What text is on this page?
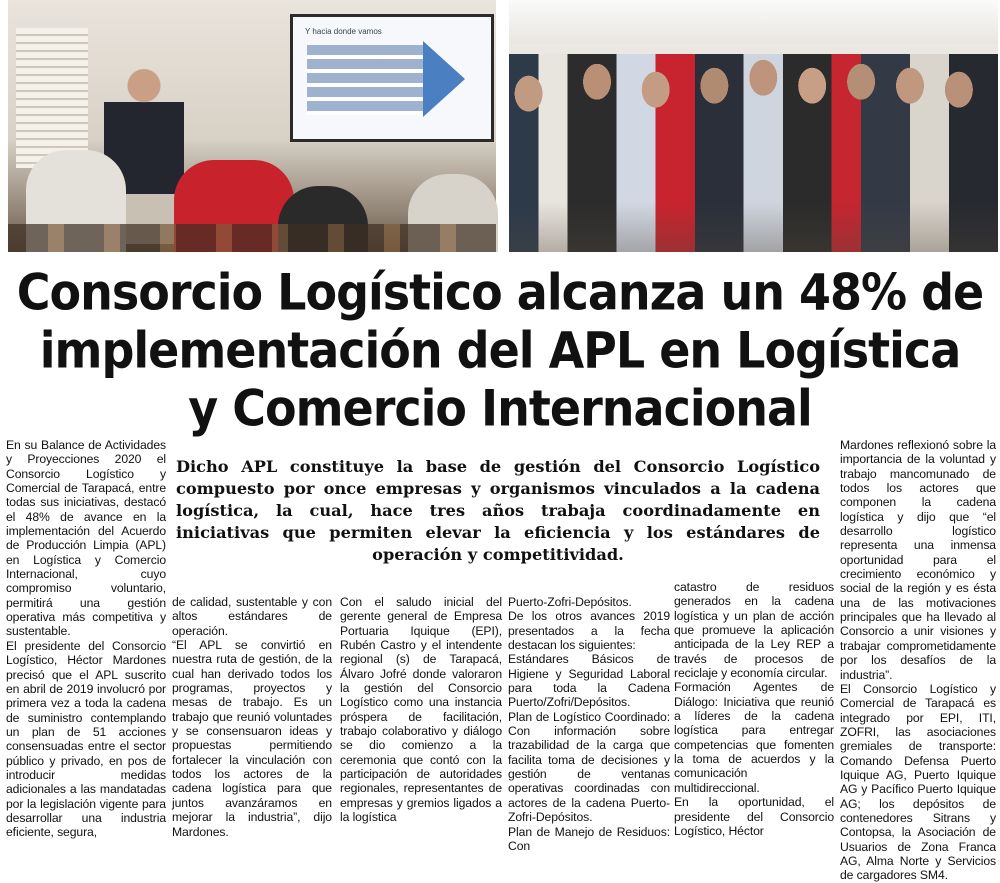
Y hacia donde vamos
Consorcio Logístico alcanza un 48% de
implementación del APL en Logística
y Comercio Internacional
Dicho APL constituye la base de gestión del Consorcio Logístico compuesto por once empresas y organismos vinculados a la cadena logística, la cual, hace tres años trabaja coordinadamente en iniciativas que permiten elevar la eficiencia y los estándares de operación y competitividad.

En su Balance de Actividades y Proyecciones 2020 el Consorcio Logístico y Comercial de Tarapacá, entre todas sus iniciativas, destacó el 48% de avance en la implementación del Acuerdo de Producción Limpia (APL) en Logística y Comercio Internacional, cuyo compromiso voluntario, permitirá una gestión operativa más competitiva y sustentable.

El presidente del Consorcio Logístico, Héctor Mardones precisó que el APL suscrito en abril de 2019 involucró por primera vez a toda la cadena de suministro contemplando un plan de 51 acciones consensuadas entre el sector público y privado, en pos de introducir medidas adicionales a las mandatadas por la legislación vigente para desarrollar una industria eficiente, segura,

de calidad, sustentable y con altos estándares de operación.

“El APL se convirtió en nuestra ruta de gestión, de la cual han derivado todos los programas, proyectos y mesas de trabajo. Es un trabajo que reunió voluntades y se consensuaron ideas y propuestas permitiendo fortalecer la vinculación con todos los actores de la cadena logística para que juntos avanzáramos en mejorar la industria”, dijo Mardones.

Con el saludo inicial del gerente general de Empresa Portuaria Iquique (EPI), Rubén Castro y el intendente regional (s) de Tarapacá, Álvaro Jofré donde valoraron la gestión del Consorcio Logístico como una instancia próspera de facilitación, trabajo colaborativo y diálogo se dio comienzo a la ceremonia que contó con la participación de autoridades regionales, representantes de empresas y gremios ligados a la logística

Puerto-Zofri-Depósitos.

De los otros avances 2019 presentados a la fecha destacan los siguientes:

Estándares Básicos de Higiene y Seguridad Laboral para toda la Cadena Puerto/Zofri/Depósitos.

Plan de Logístico Coordinado: Con información sobre trazabilidad de la carga que facilita toma de decisiones y gestión de ventanas operativas coordinadas con actores de la cadena Puerto-Zofri-Depósitos.

Plan de Manejo de Residuos: Con

catastro de residuos generados en la cadena logística y un plan de acción que promueve la aplicación anticipada de la Ley REP a través de procesos de reciclaje y economía circular.

Formación Agentes de Diálogo: Iniciativa que reunió a líderes de la cadena logística para entregar competencias que fomenten la toma de acuerdos y la comunicación multidireccional.

En la oportunidad, el presidente del Consorcio Logístico, Héctor

Mardones reflexionó sobre la importancia de la voluntad y trabajo mancomunado de todos los actores que componen la cadena logística y dijo que “el desarrollo logístico representa una inmensa oportunidad para el crecimiento económico y social de la región y es ésta una de las motivaciones principales que ha llevado al Consorcio a unir visiones y trabajar comprometidamente por los desafíos de la industria”.

El Consorcio Logístico y Comercial de Tarapacá es integrado por EPI, ITI, ZOFRI, las asociaciones gremiales de transporte: Comando Defensa Puerto Iquique AG, Puerto Iquique AG y Pacífico Puerto Iquique AG; los depósitos de contenedores Sitrans y Contopsa, la Asociación de Usuarios de Zona Franca AG, Alma Norte y Servicios de cargadores SM4.
